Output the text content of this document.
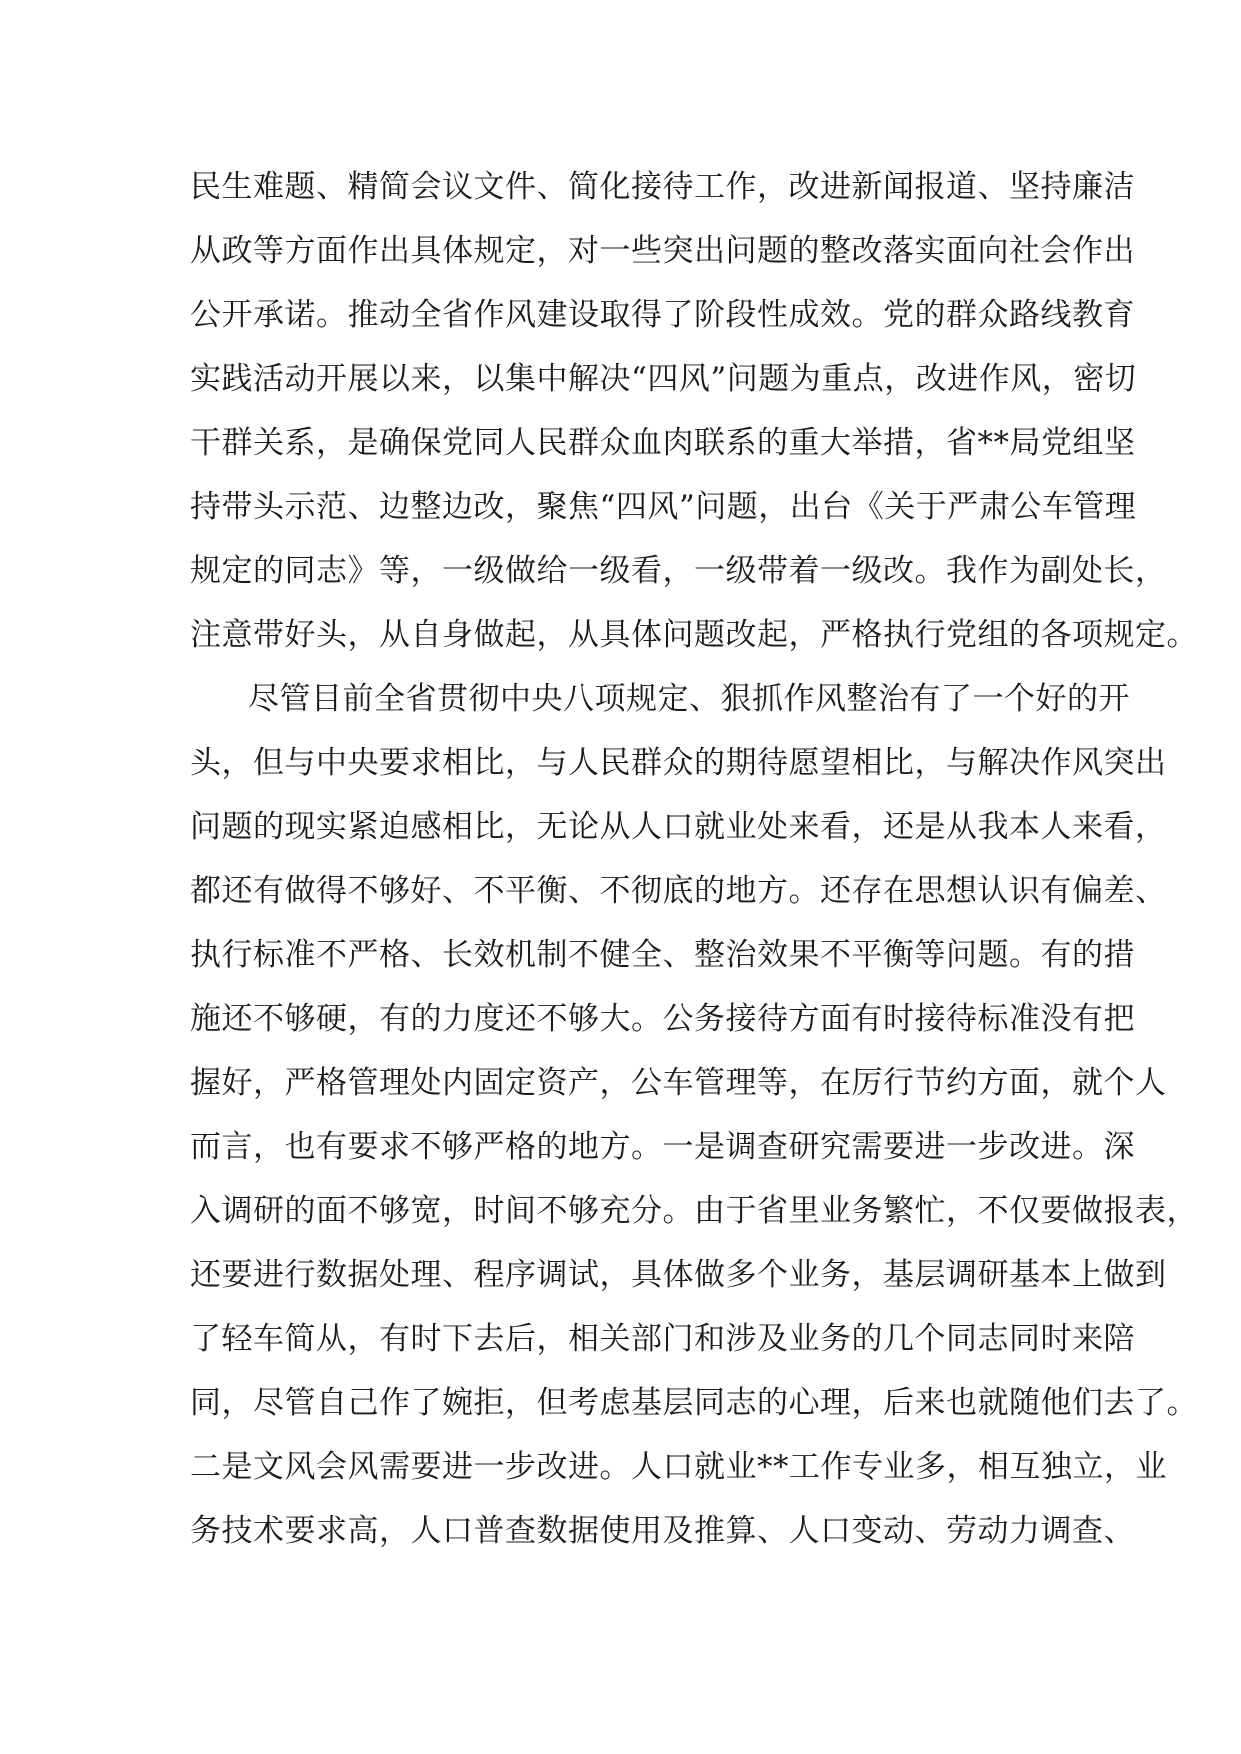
民生难题、精简会议文件、简化接待工作，改进新闻报道、坚持廉洁
从政等方面作出具体规定，对一些突出问题的整改落实面向社会作出
公开承诺。推动全省作风建设取得了阶段性成效。党的群众路线教育
实践活动开展以来，以集中解决“四风”问题为重点，改进作风，密切
干群关系，是确保党同人民群众血肉联系的重大举措，省**局党组坚
持带头示范、边整边改，聚焦“四风”问题，出台《关于严肃公车管理
规定的同志》等，一级做给一级看，一级带着一级改。我作为副处长，
注意带好头，从自身做起，从具体问题改起，严格执行党组的各项规定。
尽管目前全省贯彻中央八项规定、狠抓作风整治有了一个好的开
头，但与中央要求相比，与人民群众的期待愿望相比，与解决作风突出
问题的现实紧迫感相比，无论从人口就业处来看，还是从我本人来看，
都还有做得不够好、不平衡、不彻底的地方。还存在思想认识有偏差、
执行标准不严格、长效机制不健全、整治效果不平衡等问题。有的措
施还不够硬，有的力度还不够大。公务接待方面有时接待标准没有把
握好，严格管理处内固定资产，公车管理等，在厉行节约方面，就个人
而言，也有要求不够严格的地方。一是调查研究需要进一步改进。深
入调研的面不够宽，时间不够充分。由于省里业务繁忙，不仅要做报表，
还要进行数据处理、程序调试，具体做多个业务，基层调研基本上做到
了轻车简从，有时下去后，相关部门和涉及业务的几个同志同时来陪
同，尽管自己作了婉拒，但考虑基层同志的心理，后来也就随他们去了。
二是文风会风需要进一步改进。人口就业**工作专业多，相互独立，业
务技术要求高，人口普查数据使用及推算、人口变动、劳动力调查、
